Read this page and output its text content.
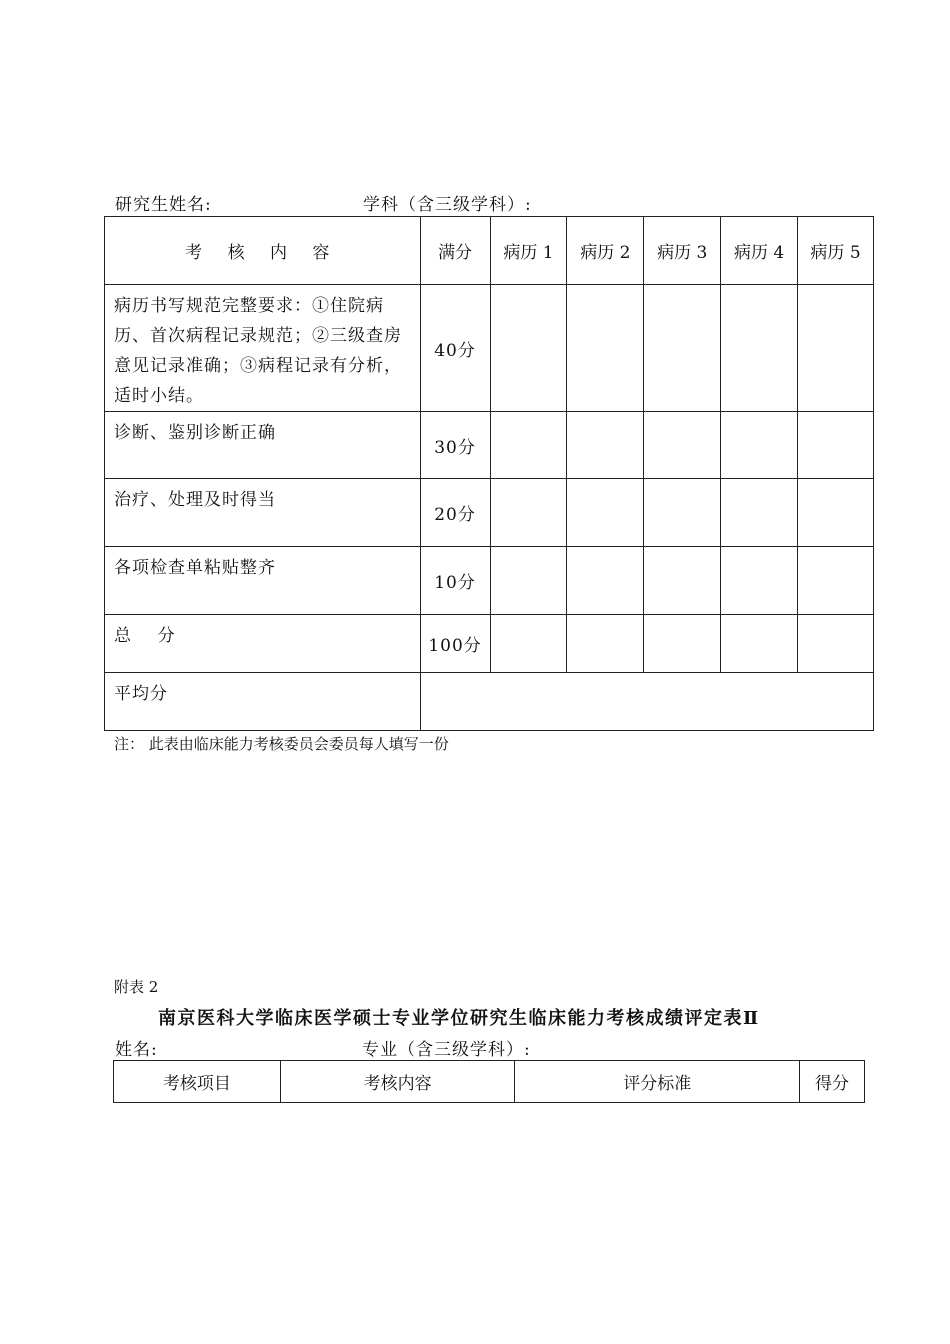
研究生姓名:	学科（含三级学科）:
考 核 内 容	满分	病历 1	病历 2	病历 3	病历 4	病历 5
病历书写规范完整要求：①住院病历、首次病程记录规范；②三级查房意见记录准确；③病程记录有分析，适时小结。	40分					
诊断、鉴别诊断正确	30分					
治疗、处理及时得当	20分					
各项检查单粘贴整齐	10分					
总    分	100分					
平均分						
注： 此表由临床能力考核委员会委员每人填写一份
附表 2
南京医科大学临床医学硕士专业学位研究生临床能力考核成绩评定表Ⅱ
姓名:	专业（含三级学科）:
考核项目	考核内容	评分标准	得分
